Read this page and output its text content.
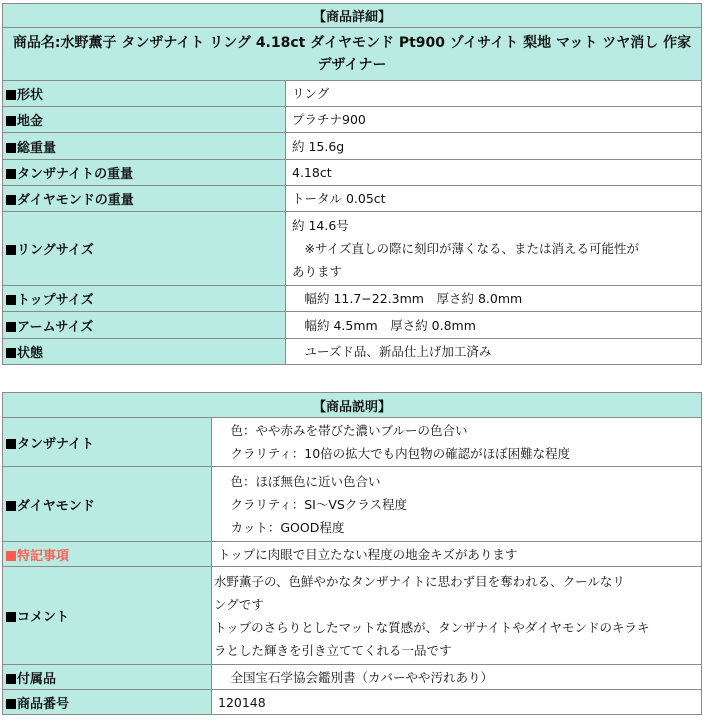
【商品詳細】	
商品名:水野薫子 タンザナイト リング 4.18ct ダイヤモンド Pt900 ゾイサイト 梨地 マット ツヤ消し 作家 デザイナー	
形状	リング

地金	プラチナ900

総重量	約 15.6g

タンザナイトの重量	4.18ct

ダイヤモンドの重量	トータル 0.05ct

リングサイズ	約 14.6号
　※サイズ直しの際に刻印が薄くなる、または消える可能性が
あります

トップサイズ	　幅約 11.7−22.3mm　厚さ約 8.0mm

アームサイズ	　幅約 4.5mm　厚さ約 0.8mm

状態	　ユーズド品、新品仕上げ加工済み
【商品説明】	
タンザナイト	　色：やや赤みを帯びた濃いブルーの色合い
　クラリティ：10倍の拡大でも内包物の確認がほぼ困難な程度

ダイヤモンド	　色：ほぼ無色に近い色合い
　クラリティ：SI〜VSクラス程度
　カット：GOOD程度

特記事項	トップに肉眼で目立たない程度の地金キズがあります

コメント	水野薫子の、色鮮やかなタンザナイトに思わず目を奪われる、クールなリ
ングです
トップのさらりとしたマットな質感が、タンザナイトやダイヤモンドのキラキ
ラとした輝きを引き立ててくれる一品です

付属品	　全国宝石学協会鑑別書（カバーやや汚れあり）

商品番号	120148
